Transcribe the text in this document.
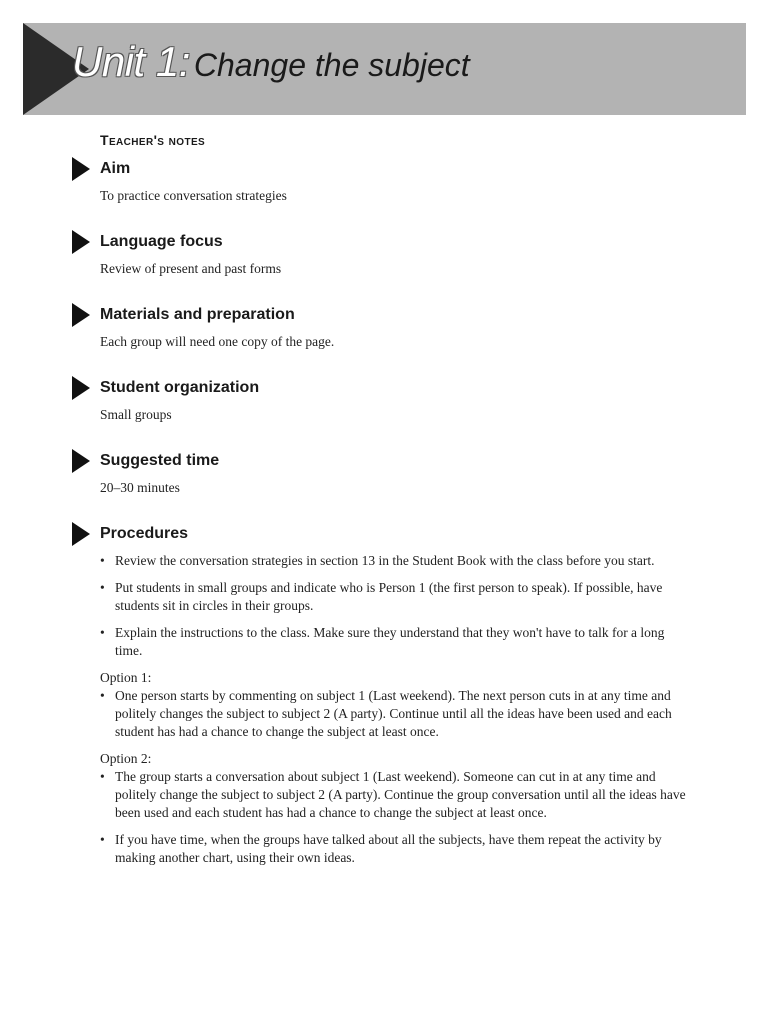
Unit 1: Change the subject
Teacher's notes
Aim
To practice conversation strategies
Language focus
Review of present and past forms
Materials and preparation
Each group will need one copy of the page.
Student organization
Small groups
Suggested time
20–30 minutes
Procedures
• Review the conversation strategies in section 13 in the Student Book with the class before you start.
• Put students in small groups and indicate who is Person 1 (the first person to speak). If possible, have students sit in circles in their groups.
• Explain the instructions to the class. Make sure they understand that they won't have to talk for a long time.
Option 1:
• One person starts by commenting on subject 1 (Last weekend). The next person cuts in at any time and politely changes the subject to subject 2 (A party). Continue until all the ideas have been used and each student has had a chance to change the subject at least once.
Option 2:
• The group starts a conversation about subject 1 (Last weekend). Someone can cut in at any time and politely change the subject to subject 2 (A party). Continue the group conversation until all the ideas have been used and each student has had a chance to change the subject at least once.
• If you have time, when the groups have talked about all the subjects, have them repeat the activity by making another chart, using their own ideas.
